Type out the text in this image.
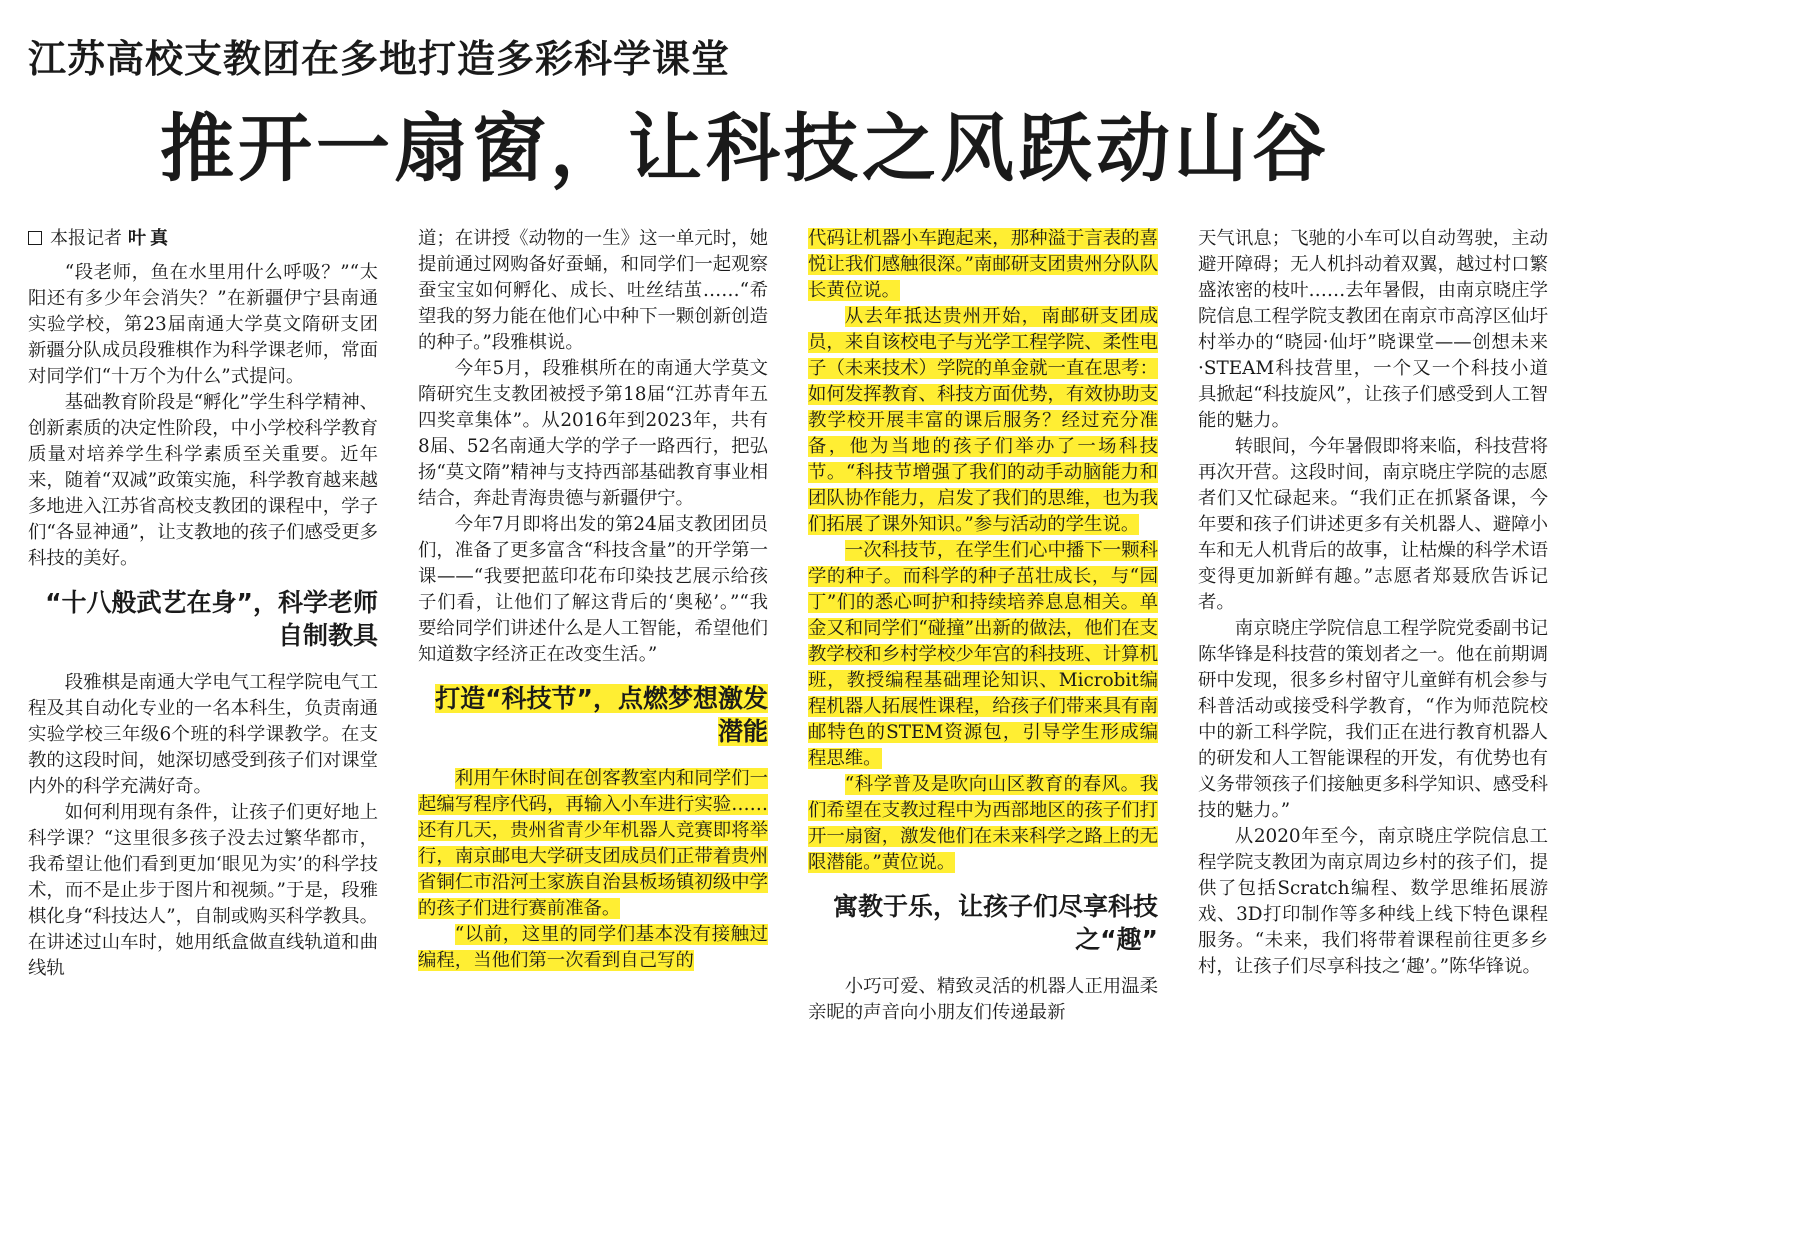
江苏高校支教团在多地打造多彩科学课堂
推开一扇窗，让科技之风跃动山谷
本报记者 叶真

“段老师，鱼在水里用什么呼吸？”“太阳还有多少年会消失？”在新疆伊宁县南通实验学校，第23届南通大学莫文隋研支团新疆分队成员段雅棋作为科学课老师，常面对同学们“十万个为什么”式提问。

基础教育阶段是“孵化”学生科学精神、创新素质的决定性阶段，中小学校科学教育质量对培养学生科学素质至关重要。近年来，随着“双减”政策实施，科学教育越来越多地进入江苏省高校支教团的课程中，学子们“各显神通”，让支教地的孩子们感受更多科技的美好。

“十八般武艺在身”，科学老师自制教具

段雅棋是南通大学电气工程学院电气工程及其自动化专业的一名本科生，负责南通实验学校三年级6个班的科学课教学。在支教的这段时间，她深切感受到孩子们对课堂内外的科学充满好奇。

如何利用现有条件，让孩子们更好地上科学课？“这里很多孩子没去过繁华都市，我希望让他们看到更加‘眼见为实’的科学技术，而不是止步于图片和视频。”于是，段雅棋化身“科技达人”，自制或购买科学教具。在讲述过山车时，她用纸盒做直线轨道和曲线轨

道；在讲授《动物的一生》这一单元时，她提前通过网购备好蚕蛹，和同学们一起观察蚕宝宝如何孵化、成长、吐丝结茧……“希望我的努力能在他们心中种下一颗创新创造的种子。”段雅棋说。

今年5月，段雅棋所在的南通大学莫文隋研究生支教团被授予第18届“江苏青年五四奖章集体”。从2016年到2023年，共有8届、52名南通大学的学子一路西行，把弘扬“莫文隋”精神与支持西部基础教育事业相结合，奔赴青海贵德与新疆伊宁。

今年7月即将出发的第24届支教团团员们，准备了更多富含“科技含量”的开学第一课——“我要把蓝印花布印染技艺展示给孩子们看，让他们了解这背后的‘奥秘’。”“我要给同学们讲述什么是人工智能，希望他们知道数字经济正在改变生活。”

打造“科技节”，点燃梦想激发潜能

利用午休时间在创客教室内和同学们一起编写程序代码，再输入小车进行实验……还有几天，贵州省青少年机器人竞赛即将举行，南京邮电大学研支团成员们正带着贵州省铜仁市沿河土家族自治县板场镇初级中学的孩子们进行赛前准备。

“以前，这里的同学们基本没有接触过编程，当他们第一次看到自己写的

代码让机器小车跑起来，那种溢于言表的喜悦让我们感触很深。”南邮研支团贵州分队队长黄位说。

从去年抵达贵州开始，南邮研支团成员，来自该校电子与光学工程学院、柔性电子（未来技术）学院的单金就一直在思考：如何发挥教育、科技方面优势，有效协助支教学校开展丰富的课后服务？经过充分准备，他为当地的孩子们举办了一场科技节。“科技节增强了我们的动手动脑能力和团队协作能力，启发了我们的思维，也为我们拓展了课外知识。”参与活动的学生说。

一次科技节，在学生们心中播下一颗科学的种子。而科学的种子茁壮成长，与“园丁”们的悉心呵护和持续培养息息相关。单金又和同学们“碰撞”出新的做法，他们在支教学校和乡村学校少年宫的科技班、计算机班，教授编程基础理论知识、Microbit编程机器人拓展性课程，给孩子们带来具有南邮特色的STEM资源包，引导学生形成编程思维。

“科学普及是吹向山区教育的春风。我们希望在支教过程中为西部地区的孩子们打开一扇窗，激发他们在未来科学之路上的无限潜能。”黄位说。

寓教于乐，让孩子们尽享科技之“趣”

小巧可爱、精致灵活的机器人正用温柔亲昵的声音向小朋友们传递最新

天气讯息；飞驰的小车可以自动驾驶，主动避开障碍；无人机抖动着双翼，越过村口繁盛浓密的枝叶……去年暑假，由南京晓庄学院信息工程学院支教团在南京市高淳区仙圩村举办的“晓园·仙圩”晓课堂——创想未来·STEAM科技营里，一个又一个科技小道具掀起“科技旋风”，让孩子们感受到人工智能的魅力。

转眼间，今年暑假即将来临，科技营将再次开营。这段时间，南京晓庄学院的志愿者们又忙碌起来。“我们正在抓紧备课，今年要和孩子们讲述更多有关机器人、避障小车和无人机背后的故事，让枯燥的科学术语变得更加新鲜有趣。”志愿者郑聂欣告诉记者。

南京晓庄学院信息工程学院党委副书记陈华锋是科技营的策划者之一。他在前期调研中发现，很多乡村留守儿童鲜有机会参与科普活动或接受科学教育，“作为师范院校中的新工科学院，我们正在进行教育机器人的研发和人工智能课程的开发，有优势也有义务带领孩子们接触更多科学知识、感受科技的魅力。”

从2020年至今，南京晓庄学院信息工程学院支教团为南京周边乡村的孩子们，提供了包括Scratch编程、数学思维拓展游戏、3D打印制作等多种线上线下特色课程服务。“未来，我们将带着课程前往更多乡村，让孩子们尽享科技之‘趣’。”陈华锋说。
